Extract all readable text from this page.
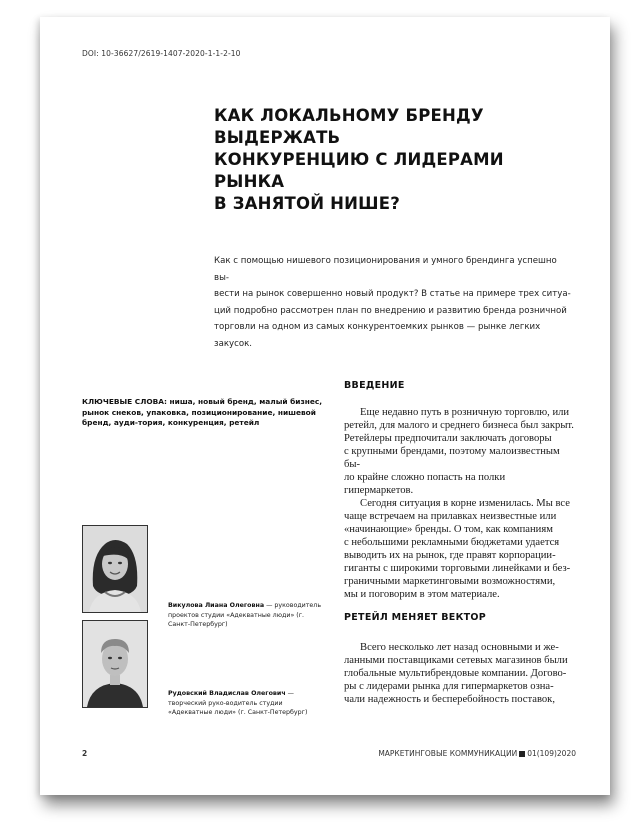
DOI: 10-36627/2619-1407-2020-1-1-2-10
КАК ЛОКАЛЬНОМУ БРЕНДУ ВЫДЕРЖАТЬ
КОНКУРЕНЦИЮ С ЛИДЕРАМИ РЫНКА
В ЗАНЯТОЙ НИШЕ?
Как с помощью нишевого позиционирования и умного брендинга успешно вы-
вести на рынок совершенно новый продукт? В статье на примере трех ситуа-
ций подробно рассмотрен план по внедрению и развитию бренда розничной
торговли на одном из самых конкурентоемких рынков — рынке легких закусок.
КЛЮЧЕВЫЕ СЛОВА: ниша, новый бренд, малый бизнес, рынок снеков, упаковка, позиционирование, нишевой бренд, ауди-тория, конкуренция, ретейл
ВВЕДЕНИЕ

Еще недавно путь в розничную торговлю, или
ретейл, для малого и среднего бизнеса был закрыт.
Ретейлеры предпочитали заключать договоры
с крупными брендами, поэтому малоизвестным бы-
ло крайне сложно попасть на полки гипермаркетов.

Сегодня ситуация в корне изменилась. Мы все
чаще встречаем на прилавках неизвестные или
«начинающие» бренды. О том, как компаниям
с небольшими рекламными бюджетами удается
выводить их на рынок, где правят корпорации-
гиганты с широкими торговыми линейками и без-
граничными маркетинговыми возможностями,
мы и поговорим в этом материале.

РЕТЕЙЛ МЕНЯЕТ ВЕКТОР

Всего несколько лет назад основными и же-
ланными поставщиками сетевых магазинов были
глобальные мультибрендовые компании. Догово-
ры с лидерами рынка для гипермаркетов озна-
чали надежность и бесперебойность поставок,

Викулова Лиана Олеговна — руководитель проектов студии «Адекватные люди» (г. Санкт-Петербург)
Рудовский Владислав Олегович — творческий руко-водитель студии «Адекватные люди» (г. Санкт-Петербург)
2	МАРКЕТИНГОВЫЕ КОММУНИКАЦИИ 01(109)2020
